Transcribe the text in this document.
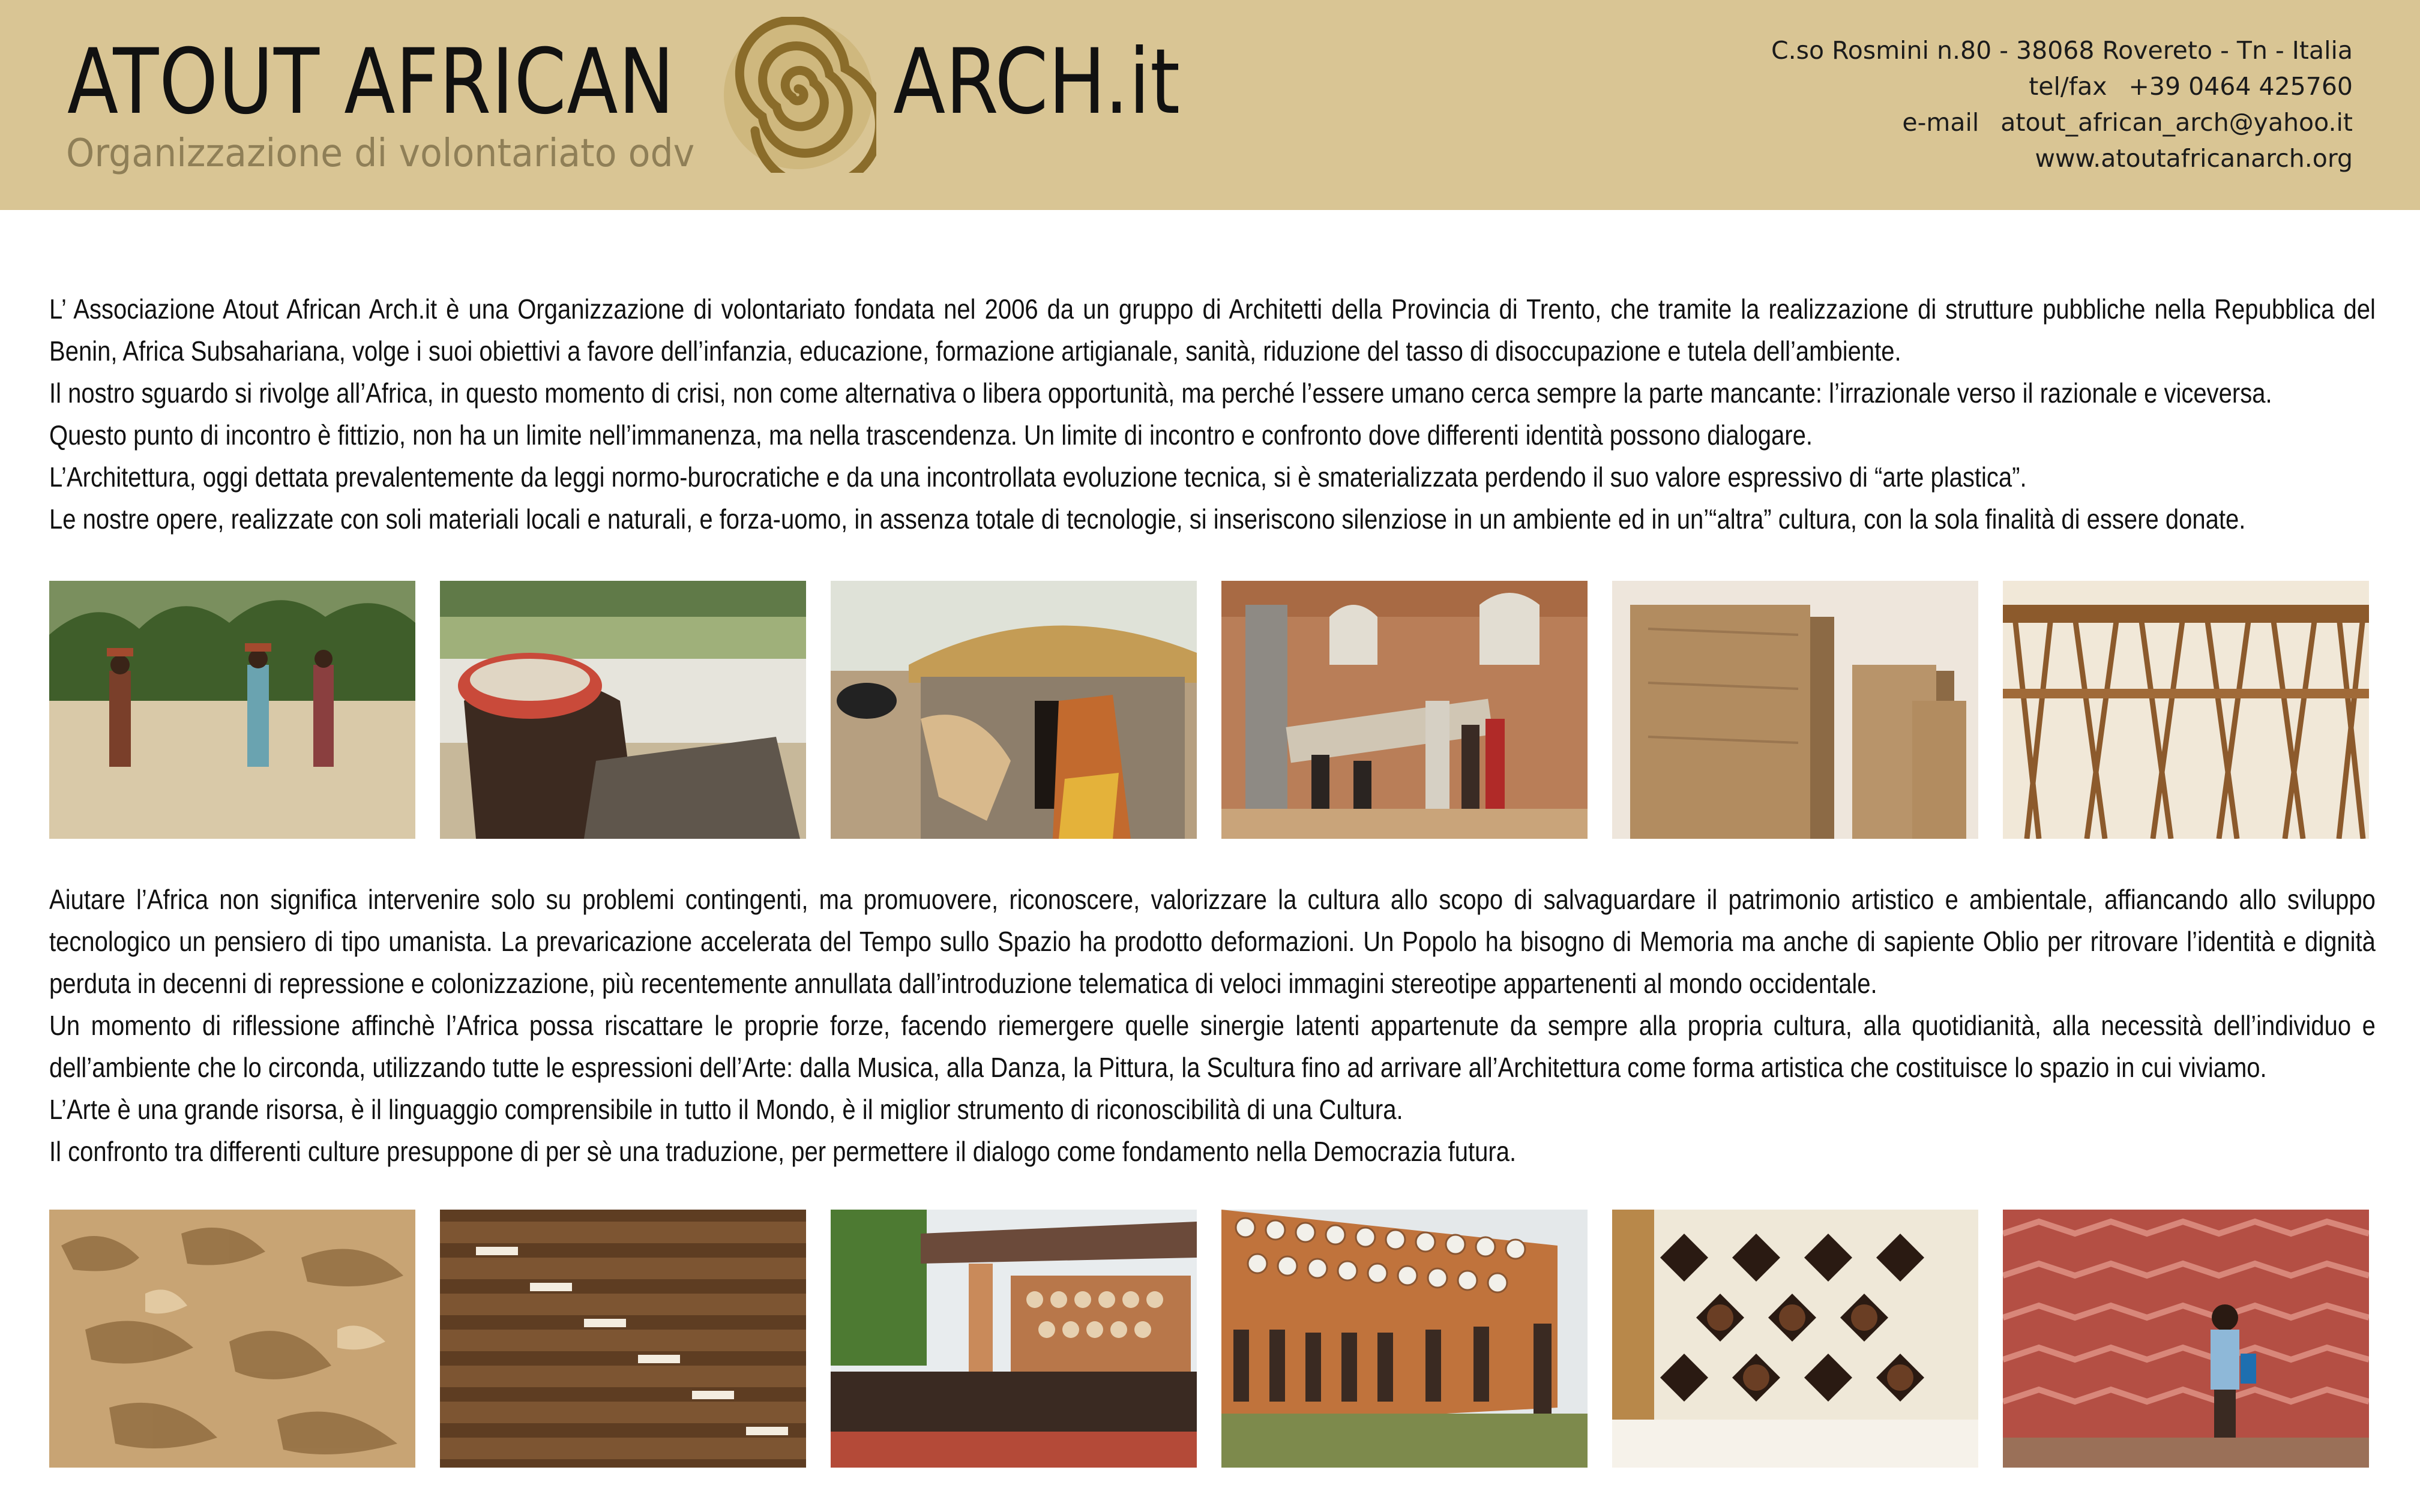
ATOUT AFRICAN ARCH.it
Organizzazione di volontariato odv
C.so Rosmini n.80 - 38068 Rovereto - Tn - Italia
tel/fax +39 0464 425760
e-mail atout_african_arch@yahoo.it
www.atoutafricanarch.org

L’ Associazione Atout African Arch.it è una Organizzazione di volontariato fondata nel 2006 da un gruppo di Architetti della Provincia di Trento, che tramite la realizzazione di strutture pubbliche nella Repubblica del Benin, Africa Subsahariana, volge i suoi obiettivi a favore dell’infanzia, educazione, formazione artigianale, sanità, riduzione del tasso di disoccupazione e tutela dell’ambiente.

Il nostro sguardo si rivolge all’Africa, in questo momento di crisi, non come alternativa o libera opportunità, ma perché l’essere umano cerca sempre la parte mancante: l’irrazionale verso il razionale e viceversa.

Questo punto di incontro è fittizio, non ha un limite nell’immanenza, ma nella trascendenza. Un limite di incontro e confronto dove differenti identità possono dialogare.

L’Architettura, oggi dettata prevalentemente da leggi normo-burocratiche e da una incontrollata evoluzione tecnica, si è smaterializzata perdendo il suo valore espressivo di “arte plastica”.

Le nostre opere, realizzate con soli materiali locali e naturali, e forza-uomo, in assenza totale di tecnologie, si inseriscono silenziose in un ambiente ed in un’“altra” cultura, con la sola finalità di essere donate.

Aiutare l’Africa non significa intervenire solo su problemi contingenti, ma promuovere, riconoscere, valorizzare la cultura allo scopo di salvaguardare il patrimonio artistico e ambientale, affiancando allo sviluppo tecnologico un pensiero di tipo umanista. La prevaricazione accelerata del Tempo sullo Spazio ha prodotto deformazioni. Un Popolo ha bisogno di Memoria ma anche di sapiente Oblio per ritrovare l’identità e dignità perduta in decenni di repressione e colonizzazione, più recentemente annullata dall’introduzione telematica di veloci immagini stereotipe appartenenti al mondo occidentale.

Un momento di riflessione affinchè l’Africa possa riscattare le proprie forze, facendo riemergere quelle sinergie latenti appartenute da sempre alla propria cultura, alla quotidianità, alla necessità dell’individuo e dell’ambiente che lo circonda, utilizzando tutte le espressioni dell’Arte: dalla Musica, alla Danza, la Pittura, la Scultura fino ad arrivare all’Architettura come forma artistica che costituisce lo spazio in cui viviamo.

L’Arte è una grande risorsa, è il linguaggio comprensibile in tutto il Mondo, è il miglior strumento di riconoscibilità di una Cultura.

Il confronto tra differenti culture presuppone di per sè una traduzione, per permettere il dialogo come fondamento nella Democrazia futura.
